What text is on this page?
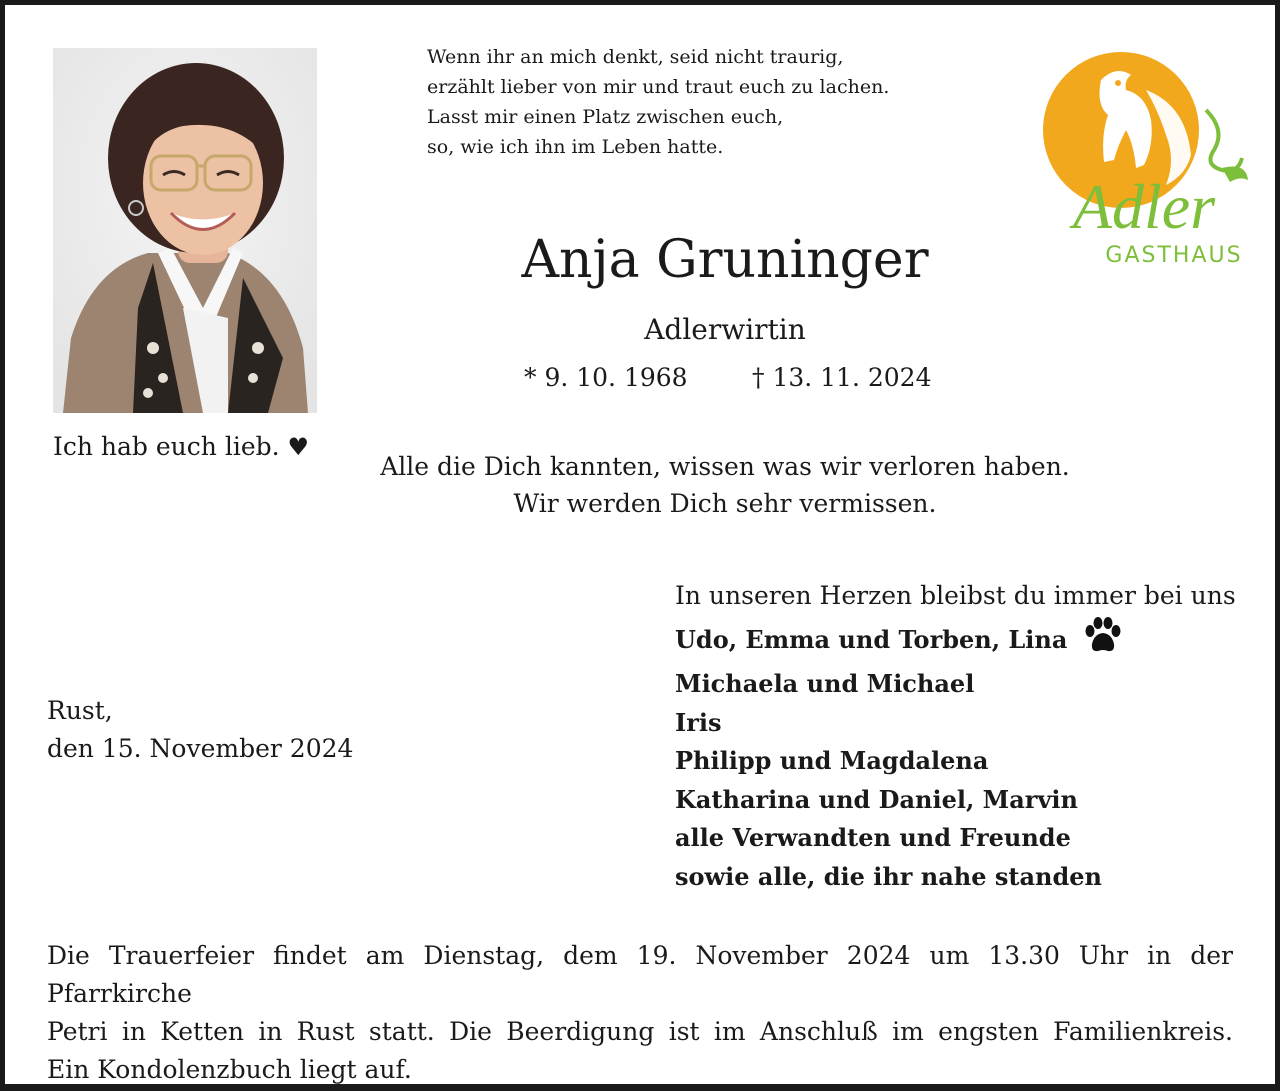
Ich hab euch lieb. ♥
Wenn ihr an mich denkt, seid nicht traurig,
erzählt lieber von mir und traut euch zu lachen.
Lasst mir einen Platz zwischen euch,
so, wie ich ihn im Leben hatte.
Adler
GASTHAUS
Anja Gruninger
Adlerwirtin
* 9. 10. 1968	† 13. 11. 2024
Alle die Dich kannten, wissen was wir verloren haben.
Wir werden Dich sehr vermissen.
In unseren Herzen bleibst du immer bei uns
Udo, Emma und Torben, Lina
Michaela und Michael
Iris
Philipp und Magdalena
Katharina und Daniel, Marvin
alle Verwandten und Freunde
sowie alle, die ihr nahe standen
Rust,
den 15. November 2024
Die Trauerfeier findet am Dienstag, dem 19. November 2024 um 13.30 Uhr in der Pfarrkirche
Petri in Ketten in Rust statt. Die Beerdigung ist im Anschluß im engsten Familienkreis.
Ein Kondolenzbuch liegt auf.
